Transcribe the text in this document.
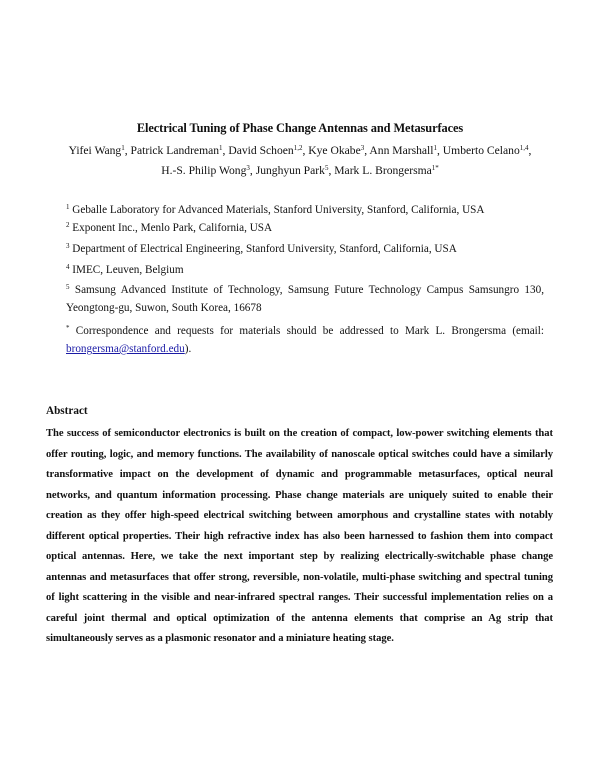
Electrical Tuning of Phase Change Antennas and Metasurfaces
Yifei Wang$^1$, Patrick Landreman$^1$, David Schoen$^{1,2}$, Kye Okabe$^3$, Ann Marshall$^1$, Umberto Celano$^{1,4}$, H.-S. Philip Wong$^3$, Junghyun Park$^5$, Mark L. Brongersma$^{1*}$
$^1$ Geballe Laboratory for Advanced Materials, Stanford University, Stanford, California, USA
$^2$ Exponent Inc., Menlo Park, California, USA
$^3$ Department of Electrical Engineering, Stanford University, Stanford, California, USA
$^4$ IMEC, Leuven, Belgium
$^5$ Samsung Advanced Institute of Technology, Samsung Future Technology Campus Samsungro 130, Yeongtong-gu, Suwon, South Korea, 16678
* Correspondence and requests for materials should be addressed to Mark L. Brongersma (email: brongersma@stanford.edu).
Abstract
The success of semiconductor electronics is built on the creation of compact, low-power switching elements that offer routing, logic, and memory functions. The availability of nanoscale optical switches could have a similarly transformative impact on the development of dynamic and programmable metasurfaces, optical neural networks, and quantum information processing. Phase change materials are uniquely suited to enable their creation as they offer high-speed electrical switching between amorphous and crystalline states with notably different optical properties. Their high refractive index has also been harnessed to fashion them into compact optical antennas. Here, we take the next important step by realizing electrically-switchable phase change antennas and metasurfaces that offer strong, reversible, non-volatile, multi-phase switching and spectral tuning of light scattering in the visible and near-infrared spectral ranges. Their successful implementation relies on a careful joint thermal and optical optimization of the antenna elements that comprise an Ag strip that simultaneously serves as a plasmonic resonator and a miniature heating stage.
